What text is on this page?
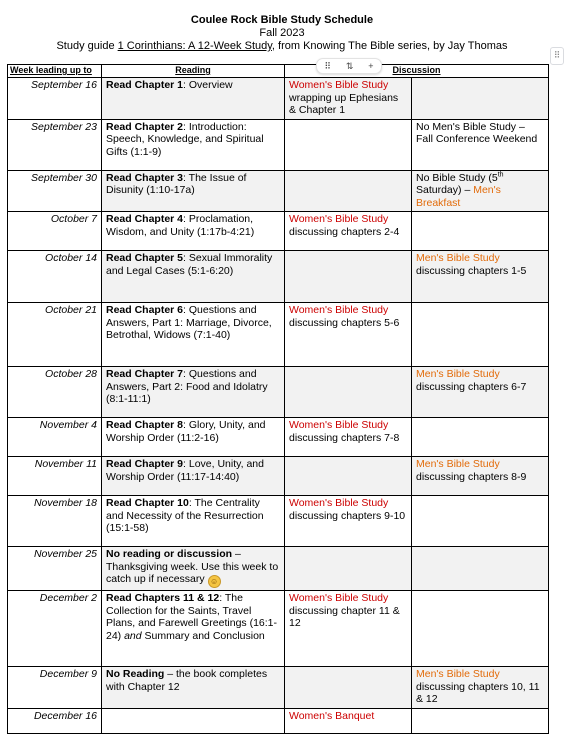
Coulee Rock Bible Study Schedule
Fall 2023
Study guide 1 Corinthians: A 12-Week Study, from Knowing The Bible series, by Jay Thomas
⠿ ⇅ +
⠿
Week leading up to	Reading	Discussion	
September 16	Read Chapter 1: Overview	Women's Bible Study
wrapping up Ephesians & Chapter 1	
September 23	Read Chapter 2: Introduction: Speech, Knowledge, and Spiritual Gifts (1:1-9)		No Men's Bible Study – Fall Conference Weekend
September 30	Read Chapter 3: The Issue of Disunity (1:10-17a)		No Bible Study (5th Saturday) – Men's Breakfast
October 7	Read Chapter 4: Proclamation, Wisdom, and Unity (1:17b-4:21)	Women's Bible Study
discussing chapters 2-4	
October 14	Read Chapter 5: Sexual Immorality and Legal Cases (5:1-6:20)		Men's Bible Study
discussing chapters 1-5
October 21	Read Chapter 6: Questions and Answers, Part 1: Marriage, Divorce, Betrothal, Widows (7:1-40)	Women's Bible Study
discussing chapters 5-6	
October 28	Read Chapter 7: Questions and Answers, Part 2: Food and Idolatry (8:1-11:1)		Men's Bible Study
discussing chapters 6-7
November 4	Read Chapter 8: Glory, Unity, and Worship Order (11:2-16)	Women's Bible Study
discussing chapters 7-8	
November 11	Read Chapter 9: Love, Unity, and Worship Order (11:17-14:40)		Men's Bible Study
discussing chapters 8-9
November 18	Read Chapter 10: The Centrality and Necessity of the Resurrection (15:1-58)	Women's Bible Study
discussing chapters 9-10	
November 25	No reading or discussion – Thanksgiving week. Use this week to catch up if necessary ☺		
December 2	Read Chapters 11 & 12: The Collection for the Saints, Travel Plans, and Farewell Greetings (16:1-24) and Summary and Conclusion	Women's Bible Study
discussing chapter 11 & 12	
December 9	No Reading – the book completes with Chapter 12		Men's Bible Study
discussing chapters 10, 11 & 12
December 16		Women's Banquet	
